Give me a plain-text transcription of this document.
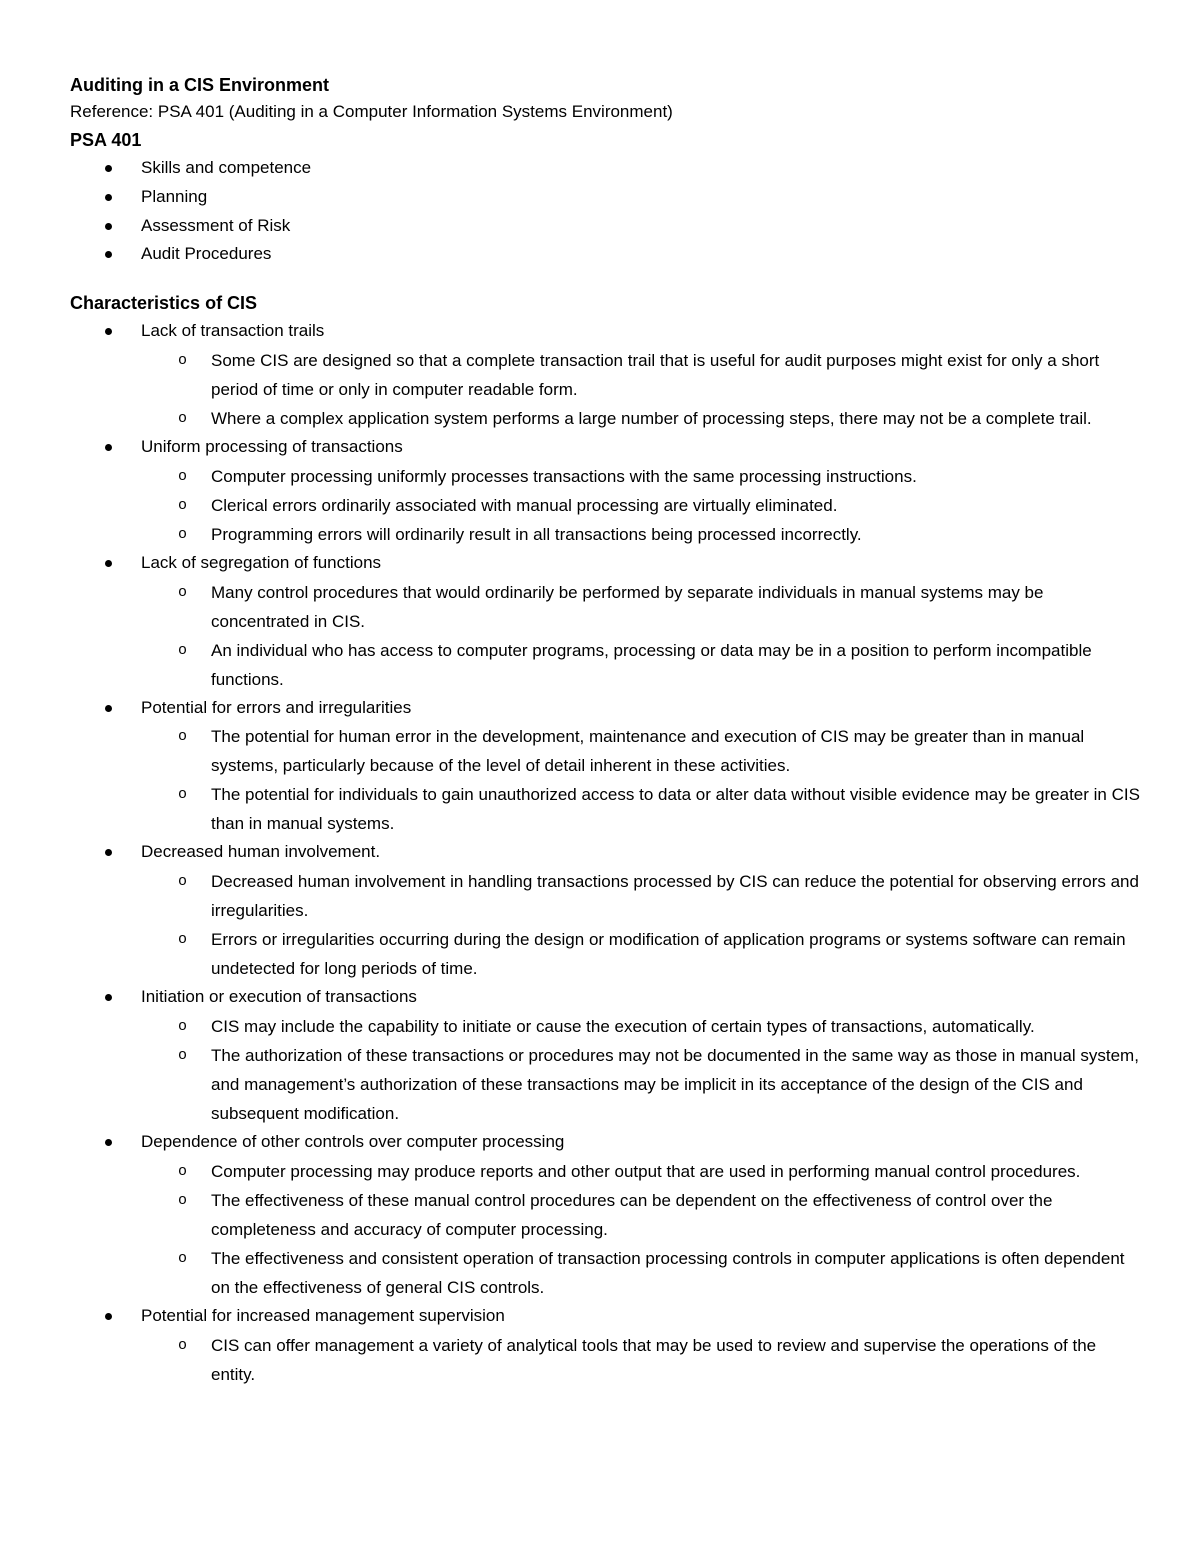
Auditing in a CIS Environment

Reference: PSA 401 (Auditing in a Computer Information Systems Environment)

PSA 401
Skills and competence
Planning
Assessment of Risk
Audit Procedures
Characteristics of CIS
Lack of transaction trails
o Some CIS are designed so that a complete transaction trail that is useful for audit purposes might exist for only a short period of time or only in computer readable form.
o Where a complex application system performs a large number of processing steps, there may not be a complete trail.
Uniform processing of transactions
o Computer processing uniformly processes transactions with the same processing instructions.
o Clerical errors ordinarily associated with manual processing are virtually eliminated.
o Programming errors will ordinarily result in all transactions being processed incorrectly.
Lack of segregation of functions
o Many control procedures that would ordinarily be performed by separate individuals in manual systems may be concentrated in CIS.
o An individual who has access to computer programs, processing or data may be in a position to perform incompatible functions.
Potential for errors and irregularities
o The potential for human error in the development, maintenance and execution of CIS may be greater than in manual systems, particularly because of the level of detail inherent in these activities.
o The potential for individuals to gain unauthorized access to data or alter data without visible evidence may be greater in CIS than in manual systems.
Decreased human involvement.
o Decreased human involvement in handling transactions processed by CIS can reduce the potential for observing errors and irregularities.
o Errors or irregularities occurring during the design or modification of application programs or systems software can remain undetected for long periods of time.
Initiation or execution of transactions
o CIS may include the capability to initiate or cause the execution of certain types of transactions, automatically.
o The authorization of these transactions or procedures may not be documented in the same way as those in manual system, and management’s authorization of these transactions may be implicit in its acceptance of the design of the CIS and subsequent modification.
Dependence of other controls over computer processing
o Computer processing may produce reports and other output that are used in performing manual control procedures.
o The effectiveness of these manual control procedures can be dependent on the effectiveness of control over the completeness and accuracy of computer processing.
o The effectiveness and consistent operation of transaction processing controls in computer applications is often dependent on the effectiveness of general CIS controls.
Potential for increased management supervision
o CIS can offer management a variety of analytical tools that may be used to review and supervise the operations of the entity.
